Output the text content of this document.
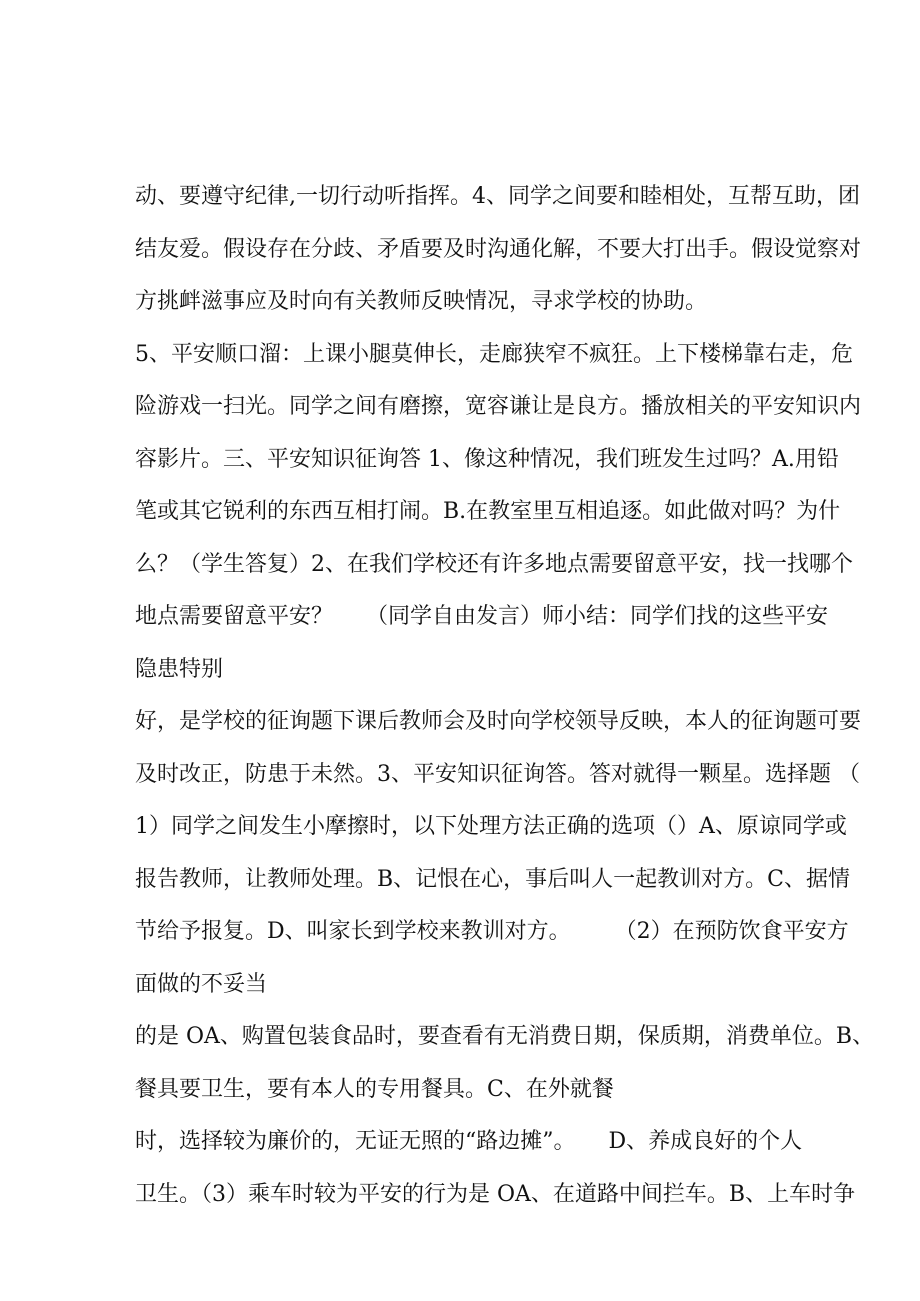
动、要遵守纪律,一切行动听指挥。4、同学之间要和睦相处，互帮互助，团
结友爱。假设存在分歧、矛盾要及时沟通化解，不要大打出手。假设觉察对
方挑衅滋事应及时向有关教师反映情况，寻求学校的协助。
5、平安顺口溜：上课小腿莫伸长，走廊狭窄不疯狂。上下楼梯靠右走，危
险游戏一扫光。同学之间有磨擦，宽容谦让是良方。播放相关的平安知识内
容影片。三、平安知识征询答 1、像这种情况，我们班发生过吗？A.用铅
笔或其它锐利的东西互相打闹。B.在教室里互相追逐。如此做对吗？为什
么？（学生答复）2、在我们学校还有许多地点需要留意平安，找一找哪个
地点需要留意平安？　　（同学自由发言）师小结：同学们找的这些平安
隐患特别
好，是学校的征询题下课后教师会及时向学校领导反映，本人的征询题可要
及时改正，防患于未然。3、平安知识征询答。答对就得一颗星。选择题 （
1）同学之间发生小摩擦时，以下处理方法正确的选项（）A、原谅同学或
报告教师，让教师处理。B、记恨在心，事后叫人一起教训对方。C、据情
节给予报复。D、叫家长到学校来教训对方。　　　（2）在预防饮食平安方
面做的不妥当
的是 OA、购置包装食品时，要查看有无消费日期，保质期，消费单位。B、
餐具要卫生，要有本人的专用餐具。C、在外就餐
时，选择较为廉价的，无证无照的“路边摊”。　　D、养成良好的个人
卫生。（3）乘车时较为平安的行为是 OA、在道路中间拦车。B、上车时争
